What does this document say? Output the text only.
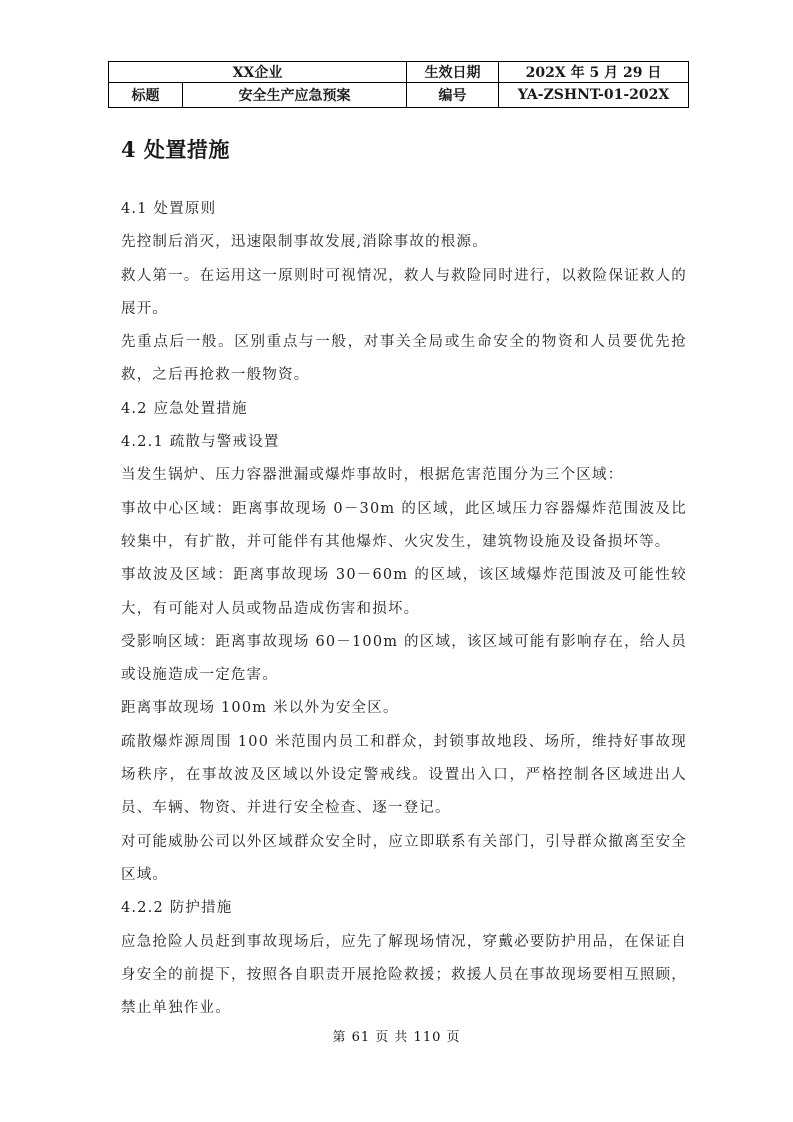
XX企业		生效日期	202X 年 5 月 29 日
标题	安全生产应急预案	编号	YA-ZSHNT-01-202X
4 处置措施

4.1 处置原则

先控制后消灭，迅速限制事故发展,消除事故的根源。

救人第一。在运用这一原则时可视情况，救人与救险同时进行，以救险保证救人的展开。

先重点后一般。区别重点与一般，对事关全局或生命安全的物资和人员要优先抢救，之后再抢救一般物资。

4.2 应急处置措施

4.2.1 疏散与警戒设置

当发生锅炉、压力容器泄漏或爆炸事故时，根据危害范围分为三个区域：

事故中心区域：距离事故现场 0－30m 的区域，此区域压力容器爆炸范围波及比较集中，有扩散，并可能伴有其他爆炸、火灾发生，建筑物设施及设备损坏等。

事故波及区域：距离事故现场 30－60m 的区域，该区域爆炸范围波及可能性较大，有可能对人员或物品造成伤害和损坏。

受影响区域：距离事故现场 60－100m 的区域，该区域可能有影响存在，给人员或设施造成一定危害。

距离事故现场 100m 米以外为安全区。

疏散爆炸源周围 100 米范围内员工和群众，封锁事故地段、场所，维持好事故现场秩序，在事故波及区域以外设定警戒线。设置出入口，严格控制各区域进出人员、车辆、物资、并进行安全检查、逐一登记。

对可能威胁公司以外区域群众安全时，应立即联系有关部门，引导群众撤离至安全区域。

4.2.2 防护措施

应急抢险人员赶到事故现场后，应先了解现场情况，穿戴必要防护用品，在保证自身安全的前提下，按照各自职责开展抢险救援；救援人员在事故现场要相互照顾，禁止单独作业。

第 61 页 共 110 页
